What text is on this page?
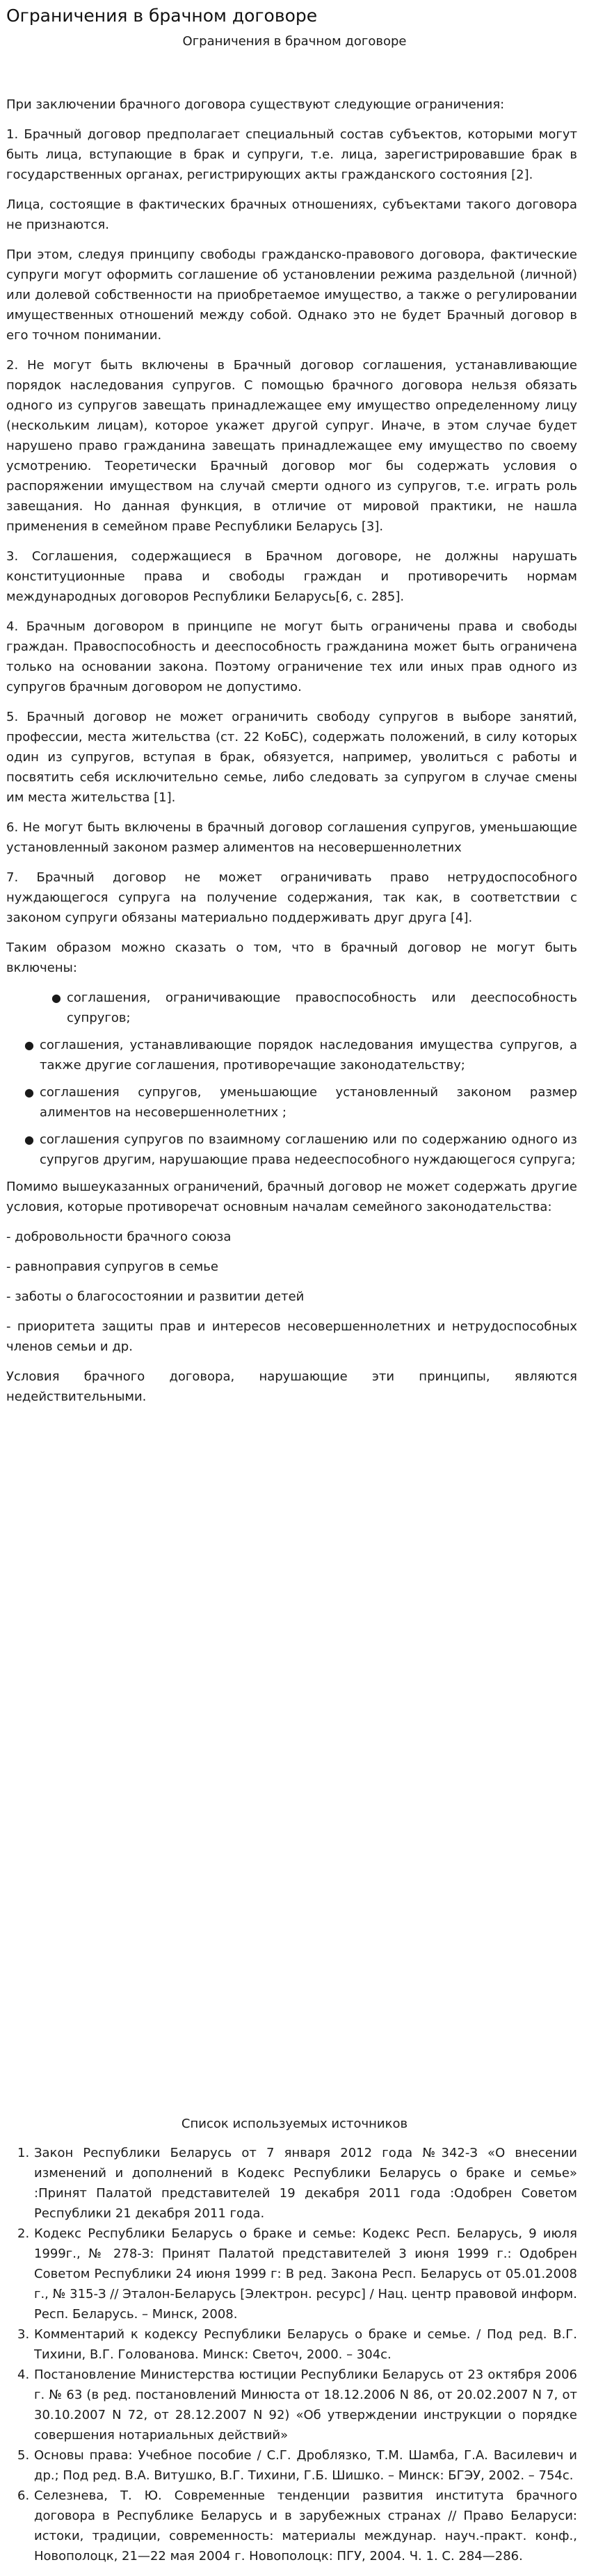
Ограничения в брачном договоре
Ограничения в брачном договоре

При заключении брачного договора существуют следующие ограничения:

1. Брачный договор предполагает специальный состав субъектов, которыми могут быть лица, вступающие в брак и супруги, т.е. лица, зарегистрировавшие брак в государственных органах, регистрирующих акты гражданского состояния [2].

Лица, состоящие в фактических брачных отношениях, субъектами такого договора не признаются.

При этом, следуя принципу свободы гражданско-правового договора, фактические супруги могут оформить соглашение об установлении режима раздельной (личной) или долевой собственности на приобретаемое имущество, а также о регулировании имущественных отношений между собой. Однако это не будет Брачный договор в его точном понимании.

2. Не могут быть включены в Брачный договор соглашения, устанавливающие порядок наследования супругов. С помощью брачного договора нельзя обязать одного из супругов завещать принадлежащее ему имущество определенному лицу (нескольким лицам), которое укажет другой супруг. Иначе, в этом случае будет нарушено право гражданина завещать принадлежащее ему имущество по своему усмотрению. Теоретически Брачный договор мог бы содержать условия о распоряжении имуществом на случай смерти одного из супругов, т.е. играть роль завещания. Но данная функция, в отличие от мировой практики, не нашла применения в семейном праве Республики Беларусь [3].

3. Соглашения, содержащиеся в Брачном договоре, не должны нарушать конституционные права и свободы граждан и противоречить нормам международных договоров Республики Беларусь[6, с. 285].

4. Брачным договором в принципе не могут быть ограничены права и свободы граждан. Правоспособность и дееспособность гражданина может быть ограничена только на основании закона. Поэтому ограничение тех или иных прав одного из супругов брачным договором не допустимо.

5. Брачный договор не может ограничить свободу супругов в выборе занятий, профессии, места жительства (ст. 22 КоБС), содержать положений, в силу которых один из супругов, вступая в брак, обязуется, например, уволиться с работы и посвятить себя исключительно семье, либо следовать за супругом в случае смены им места жительства [1].

6. Не могут быть включены в брачный договор соглашения супругов, уменьшающие установленный законом размер алиментов на несовершеннолетних

7. Брачный договор не может ограничивать право нетрудоспособного нуждающегося супруга на получение содержания, так как, в соответствии с законом супруги обязаны материально поддерживать друг друга [4].

Таким образом можно сказать о том, что в брачный договор не могут быть включены:

● соглашения, ограничивающие правоспособность или дееспособность супругов;
● соглашения, устанавливающие порядок наследования имущества супругов, а также другие соглашения, противоречащие законодательству;
● соглашения супругов, уменьшающие установленный законом размер алиментов на несовершеннолетних ;
● соглашения супругов по взаимному соглашению или по содержанию одного из супругов другим, нарушающие права недееспособного нуждающегося супруга;

Помимо вышеуказанных ограничений, брачный договор не может содержать другие условия, которые противоречат основным началам семейного законодательства:

- добровольности брачного союза

- равноправия супругов в семье

- заботы о благосостоянии и развитии детей

- приоритета защиты прав и интересов несовершеннолетних и нетрудоспособных членов семьи и др.

Условия брачного договора, нарушающие эти принципы, являются недействительными.

Список используемых источников
1. Закон Республики Беларусь от 7 января 2012 года №342-З «О внесении изменений и дополнений в Кодекс Республики Беларусь о браке и семье» :Принят Палатой представителей 19 декабря 2011 года :Одобрен Советом Республики 21 декабря 2011 года.
2. Кодекс Республики Беларусь о браке и семье: Кодекс Респ. Беларусь, 9 июля 1999г., № 278-З: Принят Палатой представителей 3 июня 1999 г.: Одобрен Советом Республики 24 июня 1999 г: В ред. Закона Респ. Беларусь от 05.01.2008 г., № 315-З // Эталон-Беларусь [Электрон. ресурс] / Нац. центр правовой информ. Респ. Беларусь. – Минск, 2008.
3. Комментарий к кодексу Республики Беларусь о браке и семье. / Под ред. В.Г. Тихини, В.Г. Голованова. Минск: Светоч, 2000. – 304с.
4. Постановление Министерства юстиции Республики Беларусь от 23 октября 2006 г. № 63 (в ред. постановлений Минюста от 18.12.2006 N 86, от 20.02.2007 N 7, от 30.10.2007 N 72, от 28.12.2007 N 92) «Об утверждении инструкции о порядке совершения нотариальных действий»
5. Основы права: Учебное пособие / С.Г. Дроблязко, Т.М. Шамба, Г.А. Василевич и др.; Под ред. В.А. Витушко, В.Г. Тихини, Г.Б. Шишко. – Минск: БГЭУ, 2002. – 754с.
6. Селезнева, Т. Ю. Современные тенденции развития института брачного договора в Республике Беларусь и в зарубежных странах // Право Беларуси: истоки, традиции, современность: материалы междунар. науч.-практ. конф., Новополоцк, 21—22 мая 2004 г. Новополоцк: ПГУ, 2004. Ч. 1. С. 284—286.
